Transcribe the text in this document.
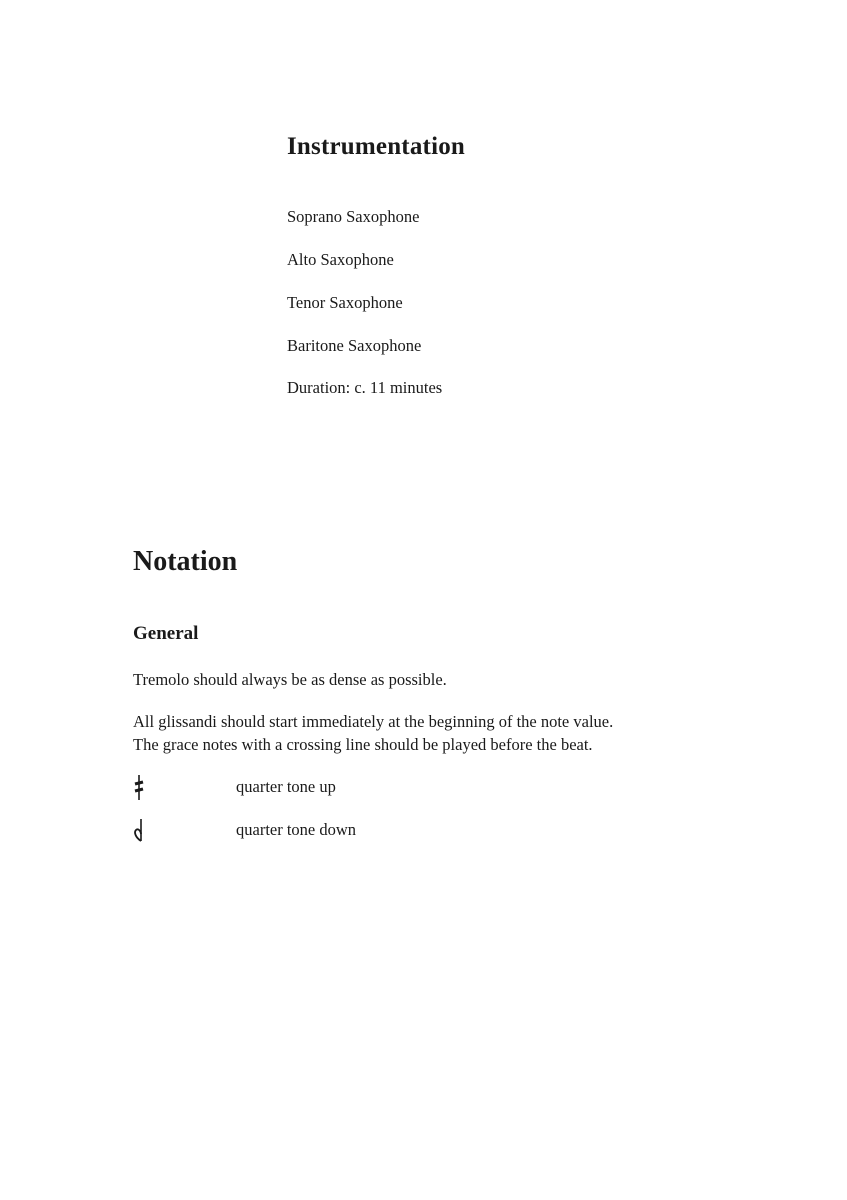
Instrumentation
Soprano Saxophone
Alto Saxophone
Tenor Saxophone
Baritone Saxophone
Duration: c. 11 minutes
Notation
General

Tremolo should always be as dense as possible.

All glissandi should start immediately at the beginning of the note value.
The grace notes with a crossing line should be played before the beat.

quarter tone up
quarter tone down
